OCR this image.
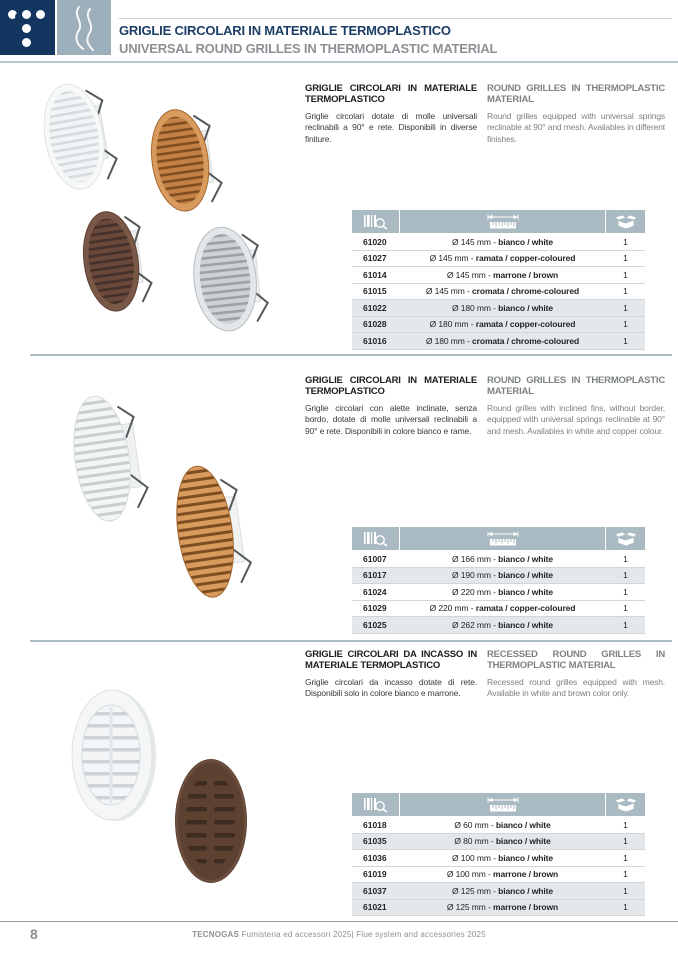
GRIGLIE CIRCOLARI IN MATERIALE TERMOPLASTICO
UNIVERSAL ROUND GRILLES IN THERMOPLASTIC MATERIAL
GRIGLIE CIRCOLARI IN MATERIALE TERMOPLASTICO

Griglie circolari dotate di molle universali reclinabili a 90° e rete. Disponibili in diverse finiture.

ROUND GRILLES IN THERMOPLASTIC MATERIAL

Round grilles equipped with universal springs reclinable at 90° and mesh. Availables in different finishes.

61020	Ø 145 mm - bianco / white	1
61027	Ø 145 mm - ramata / copper-coloured	1
61014	Ø 145 mm - marrone / brown	1
61015	Ø 145 mm - cromata / chrome-coloured	1
61022	Ø 180 mm - bianco / white	1
61028	Ø 180 mm - ramata / copper-coloured	1
61016	Ø 180 mm - cromata / chrome-coloured	1
GRIGLIE CIRCOLARI IN MATERIALE TERMOPLASTICO

Griglie circolari con alette inclinate, senza bordo, dotate di molle universali reclinabili a 90° e rete. Disponibili in colore bianco e rame.

ROUND GRILLES IN THERMOPLASTIC MATERIAL

Round grilles with inclined fins, without border, equipped with universal springs reclinable at 90° and mesh. Availables in white and copper colour.

61007	Ø 166 mm - bianco / white	1
61017	Ø 190 mm - bianco / white	1
61024	Ø 220 mm - bianco / white	1
61029	Ø 220 mm - ramata / copper-coloured	1
61025	Ø 262 mm - bianco / white	1
GRIGLIE CIRCOLARI DA INCASSO IN MATERIALE TERMOPLASTICO

Griglie circolari da incasso dotate di rete. Disponibili solo in colore bianco e marrone.

RECESSED ROUND GRILLES IN THERMOPLASTIC MATERIAL

Recessed round grilles equipped with mesh. Available in white and brown color only.

61018	Ø 60 mm - bianco / white	1
61035	Ø 80 mm - bianco / white	1
61036	Ø 100 mm - bianco / white	1
61019	Ø 100 mm - marrone / brown	1
61037	Ø 125 mm - bianco / white	1
61021	Ø 125 mm - marrone / brown	1
8	TECNOGAS Fumisteria ed accessori 2025| Flue system and accessories 2025
